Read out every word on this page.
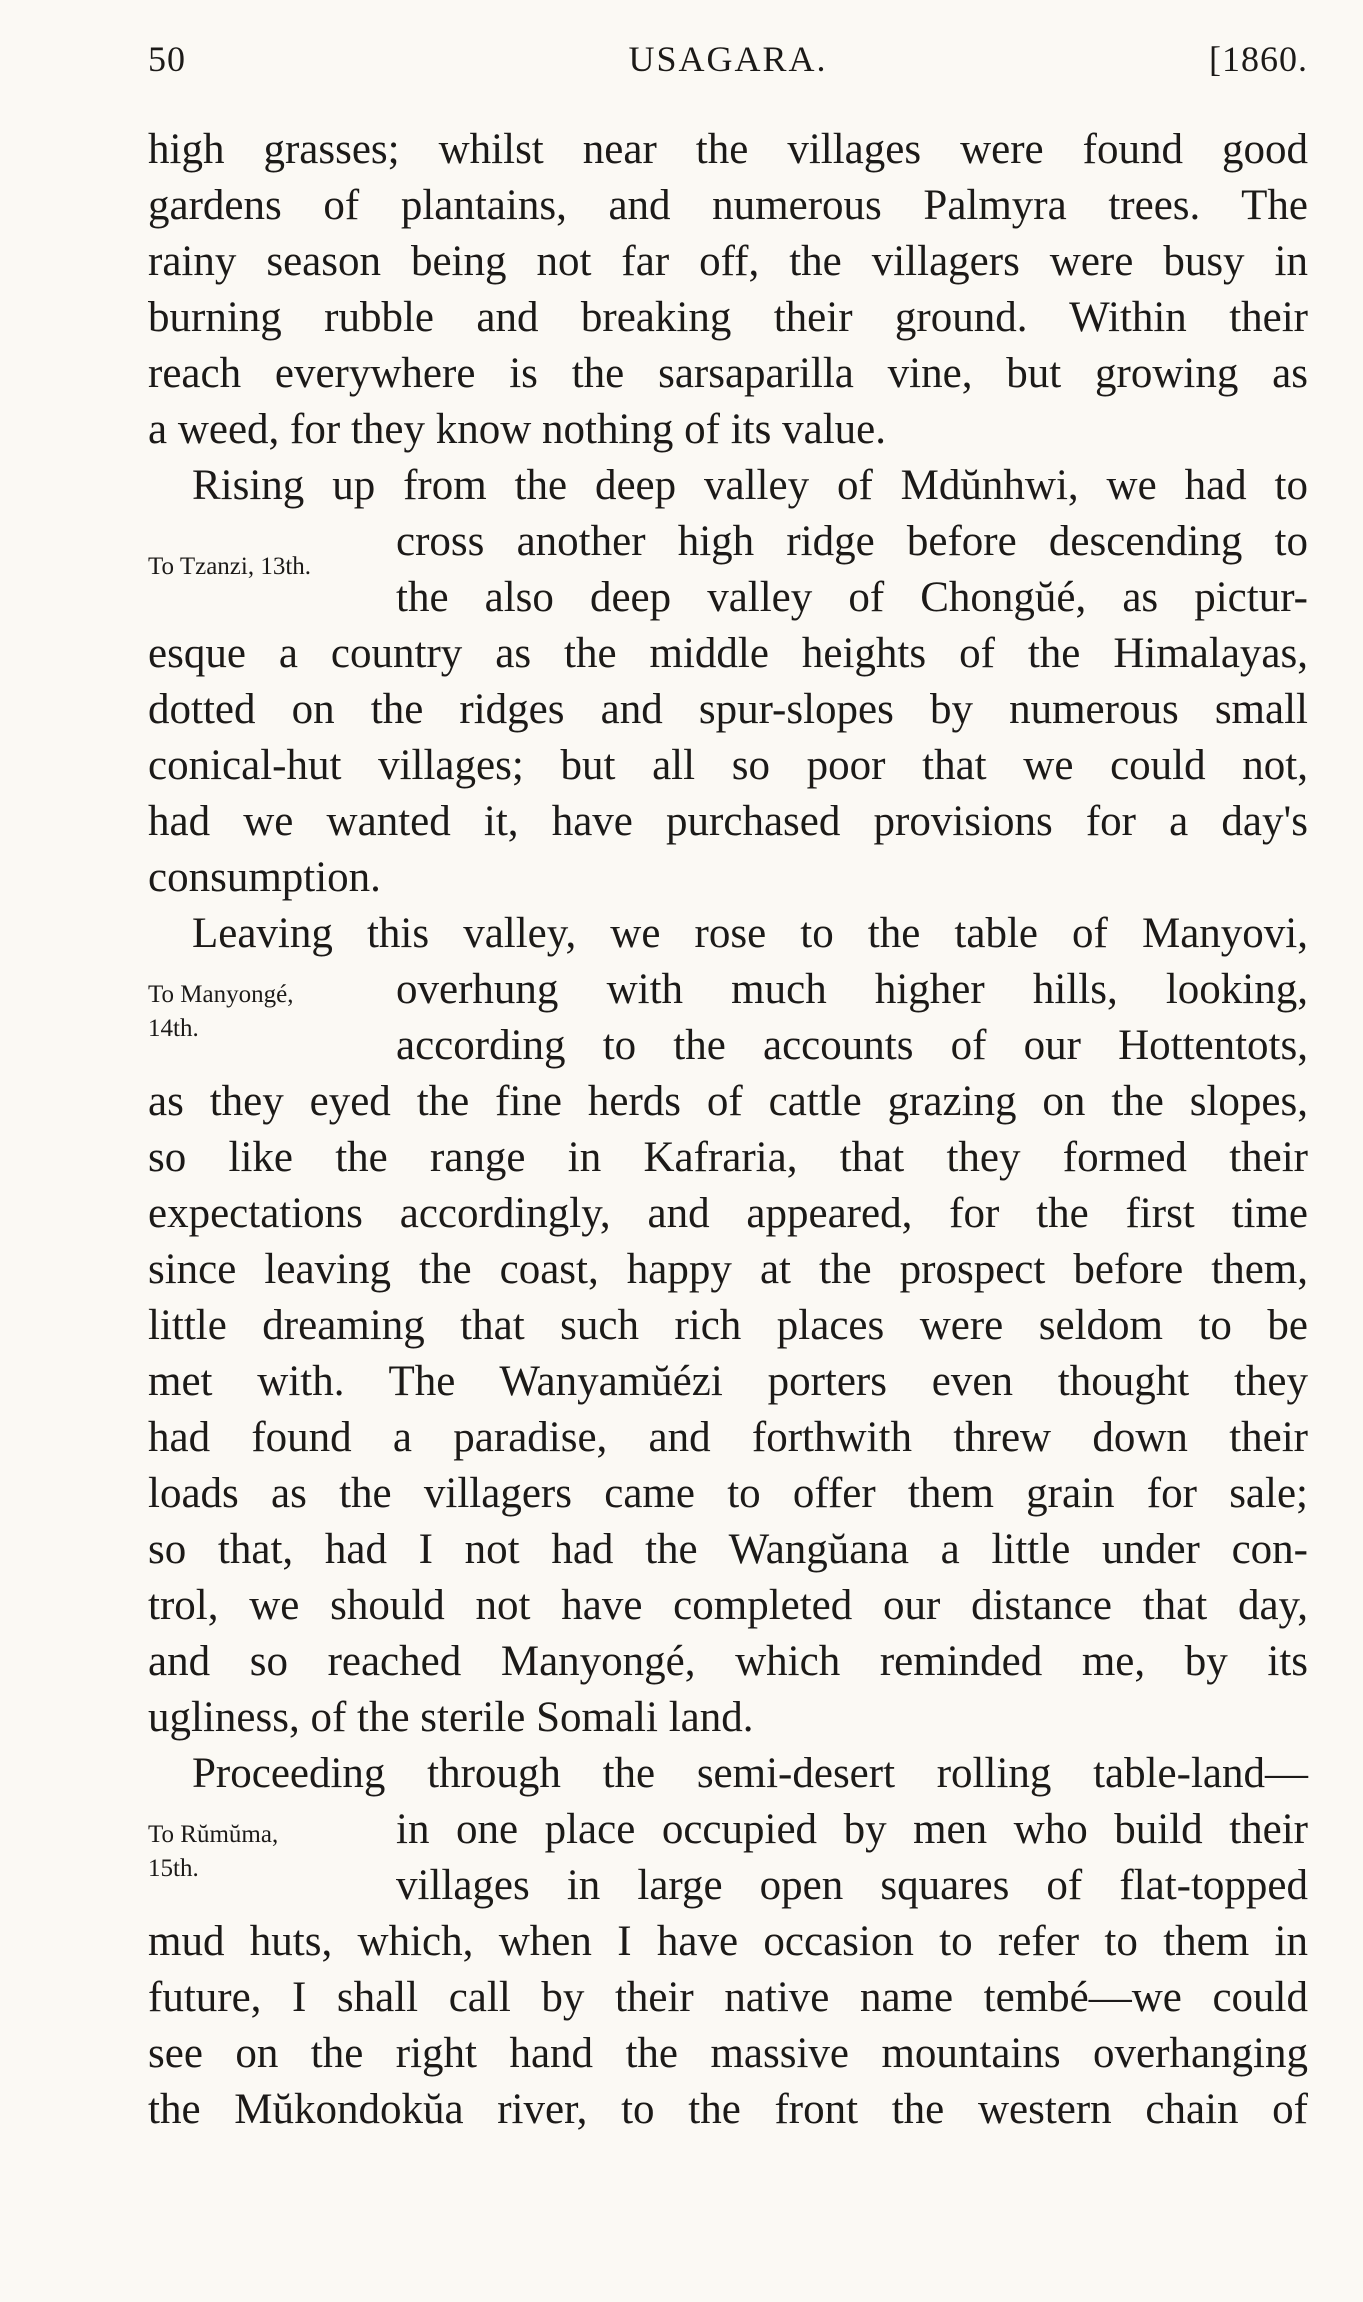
50	USAGARA.	[1860.
high grasses; whilst near the villages were found good
gardens of plantains, and numerous Palmyra trees. The
rainy season being not far off, the villagers were busy in
burning rubble and breaking their ground. Within their
reach everywhere is the sarsaparilla vine, but growing as
a weed, for they know nothing of its value.
Rising up from the deep valley of Mdŭnhwi, we had to
To Tzanzi, 13th.
cross another high ridge before descending to
the also deep valley of Chongŭé, as pictur-
esque a country as the middle heights of the Himalayas,
dotted on the ridges and spur-slopes by numerous small
conical-hut villages; but all so poor that we could not,
had we wanted it, have purchased provisions for a day's
consumption.
Leaving this valley, we rose to the table of Manyovi,
To Manyongé,
14th.
overhung with much higher hills, looking,
according to the accounts of our Hottentots,
as they eyed the fine herds of cattle grazing on the slopes,
so like the range in Kafraria, that they formed their
expectations accordingly, and appeared, for the first time
since leaving the coast, happy at the prospect before them,
little dreaming that such rich places were seldom to be
met with. The Wanyamŭézi porters even thought they
had found a paradise, and forthwith threw down their
loads as the villagers came to offer them grain for sale;
so that, had I not had the Wangŭana a little under con-
trol, we should not have completed our distance that day,
and so reached Manyongé, which reminded me, by its
ugliness, of the sterile Somali land.
Proceeding through the semi-desert rolling table-land—
To Rŭmŭma,
15th.
in one place occupied by men who build their
villages in large open squares of flat-topped
mud huts, which, when I have occasion to refer to them in
future, I shall call by their native name tembé—we could
see on the right hand the massive mountains overhanging
the Mŭkondokŭa river, to the front the western chain of
